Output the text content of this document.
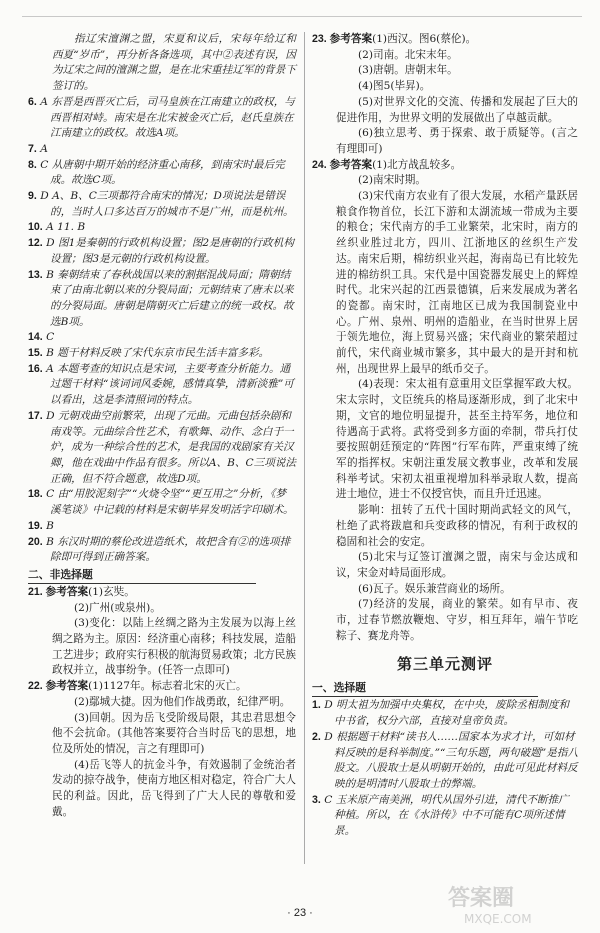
指辽宋澶渊之盟，宋夏和议后，宋每年给辽和西夏“岁币”，再分析各备选项，其中②表述有误，因为辽宋之间的澶渊之盟，是在北宋重挂辽军的背景下签订的。

6. A 东晋是西晋灭亡后，司马皇族在江南建立的政权，与西晋相对峙。南宋是在北宋被金灭亡后，赵氏皇族在江南建立的政权。故选A项。

7. A

8. C 从唐朝中期开始的经济重心南移，到南宋时最后完成。故选C项。

9. D A、B、C三项都符合南宋的情况；D项说法是错误的，当时人口多达百万的城市不是广州，而是杭州。

10. A 11. B

12. D 图1是秦朝的行政机构设置；图2是唐朝的行政机构设置；图3是元朝的行政机构设置。

13. B 秦朝结束了春秋战国以来的割据混战局面；隋朝结束了由南北朝以来的分裂局面；元朝结束了唐末以来的分裂局面。唐朝是隋朝灭亡后建立的统一政权。故选B项。

14. C

15. B 题干材料反映了宋代东京市民生活丰富多彩。

16. A 本题考查的知识点是宋词，主要考查分析能力。通过题干材料“该词词风委婉，感情真挚，清新淡雅”可以看出，这是李清照词的特点。

17. D 元朝戏曲空前繁荣，出现了元曲。元曲包括杂剧和南戏等。元曲综合性艺术，有歌舞、动作、念白于一炉，成为一种综合性的艺术，是我国的戏剧家有关汉卿，他在戏曲中作品有很多。所以A、B、C三项说法正确，但不符合题意，故选D项。

18. C 由“用胶泥刻字”“火烧令坚”“更互用之”分析，《梦溪笔谈》中记载的材料是宋朝毕昇发明活字印刷术。

19. B

20. B 东汉时期的蔡伦改进造纸术，故把含有②的选项排除即可得到正确答案。

二、非选择题

21. 参考答案(1)玄奘。

(2)广州(或泉州)。

(3)变化：以陆上丝绸之路为主发展为以海上丝绸之路为主。原因：经济重心南移；科技发展，造船工艺进步；政府实行积极的航海贸易政策；北方民族政权并立，战事纷争。(任答一点即可)

22. 参考答案(1)1127年。标志着北宋的灭亡。

(2)鄢城大捷。因为他们作战勇敢，纪律严明。

(3)回朝。因为岳飞受阶级局限，其忠君思想令他不会抗命。(其他答案要符合当时岳飞的思想，地位及所处的情况，言之有理即可)

(4)岳飞等人的抗金斗争，有效遏制了金统治者发动的掠夺战争，使南方地区相对稳定，符合广大人民的利益。因此，岳飞得到了广大人民的尊敬和爱戴。

23. 参考答案(1)西汉。图6(蔡伦)。

(2)司南。北宋末年。

(3)唐朝。唐朝末年。

(4)图5(毕昇)。

(5)对世界文化的交流、传播和发展起了巨大的促进作用，为世界文明的发展做出了卓越贡献。

(6)独立思考、勇于探索、敢于质疑等。(言之有理即可)

24. 参考答案(1)北方战乱较多。

(2)南宋时期。

(3)宋代南方农业有了很大发展，水稻产量跃居粮食作物首位，长江下游和太湖流域一带成为主要的粮仓；宋代南方的手工业繁荣，北宋时，南方的丝织业胜过北方，四川、江浙地区的丝织生产发达。南宋后期，棉纺织业兴起，海南岛已有比较先进的棉纺织工具。宋代是中国瓷器发展史上的辉煌时代。北宋兴起的江西景德镇，后来发展成为著名的瓷都。南宋时，江南地区已成为我国制瓷业中心。广州、泉州、明州的造船业，在当时世界上居于领先地位，海上贸易兴盛；宋代商业的繁荣超过前代，宋代商业城市繁多，其中最大的是开封和杭州，出现世界上最早的纸币交子。

(4)表现：宋太祖有意重用文臣掌握军政大权。宋太宗时，文臣统兵的格局逐渐形成，到了北宋中期，文官的地位明显提升，甚至主持军务，地位和待遇高于武将。武将受到多方面的牵制，带兵打仗要按照朝廷预定的“阵图”行军布阵，严重束缚了统军的指挥权。宋朝注重发展文教事业，改革和发展科举考试。宋初太祖重视增加科举录取人数，提高进士地位，进士不仅授官快，而且升迁迅速。

影响：扭转了五代十国时期尚武轻文的风气，杜绝了武将跋扈和兵变政移的情况，有利于政权的稳固和社会的安定。

(5)北宋与辽签订澶渊之盟，南宋与金达成和议，宋金对峙局面形成。

(6)瓦子。娱乐兼营商业的场所。

(7)经济的发展，商业的繁荣。如有早市、夜市，过春节燃放鞭炮、守岁，相互拜年，端午节吃粽子、赛龙舟等。

第三单元测评

一、选择题

1. D 明太祖为加强中央集权，在中央，废除丞相制度和中书省，权分六部，直接对皇帝负责。

2. D 根据题干材料“读书人……国家本为求才计，可如材料反映的是科举制度。”“三句乐题，两句破题”是指八股文。八股取士是从明朝开始的，由此可见此材料反映的是明清时八股取士的弊端。

3. C 玉米原产南美洲，明代从国外引进，清代不断推广种植。所以，在《水浒传》中不可能有C项所述情景。

· 23 ·
答案圈
MXQE.COM
